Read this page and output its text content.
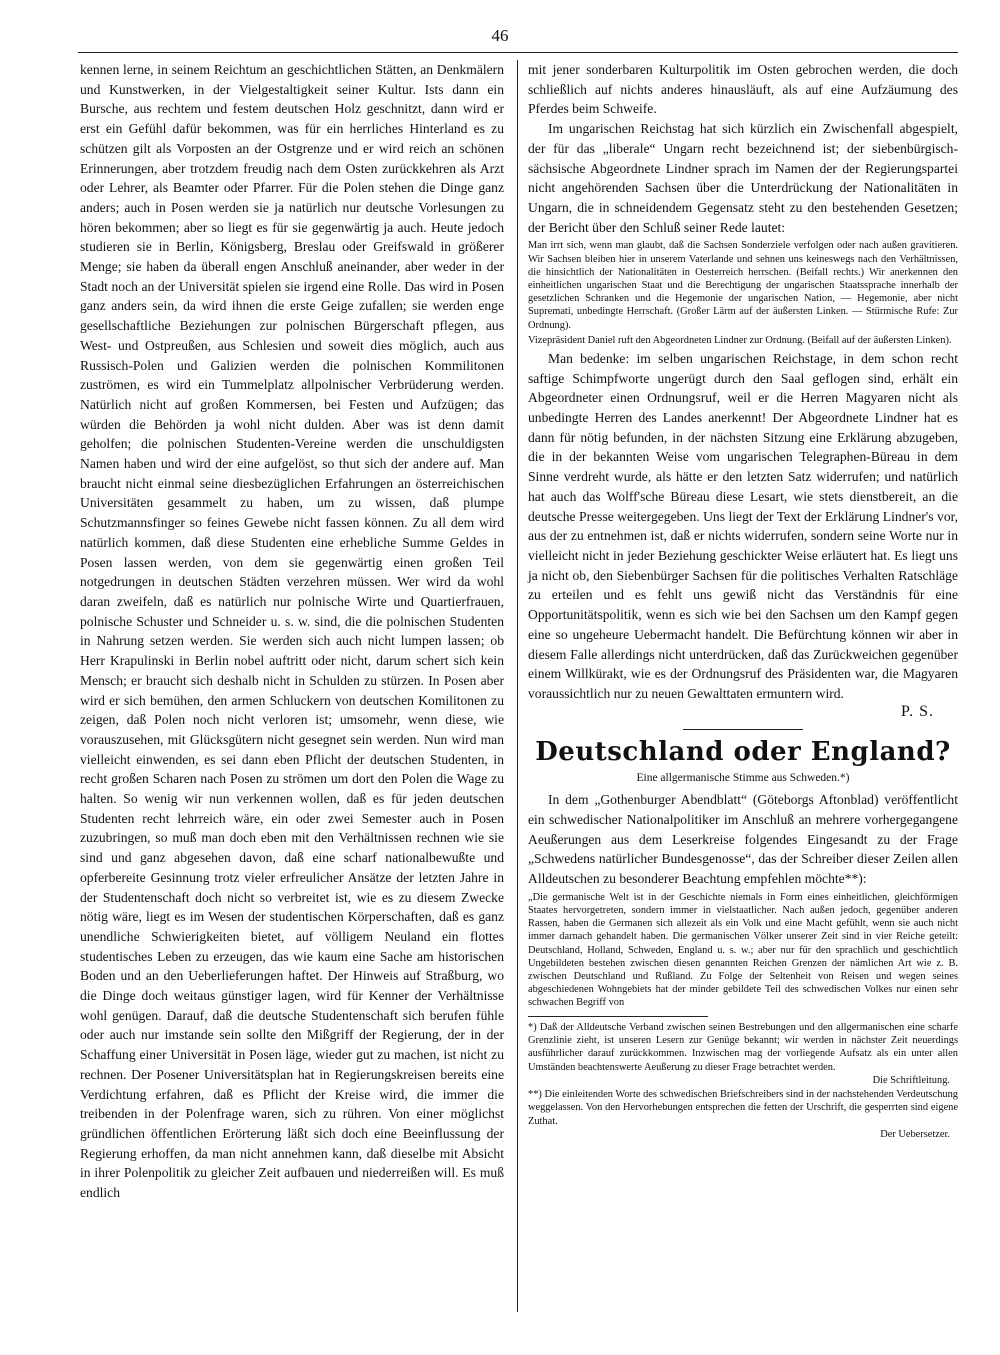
46

kennen lerne, in seinem Reichtum an geschichtlichen Stätten, an Denkmälern und Kunstwerken, in der Vielgestaltigkeit seiner Kultur. Ists dann ein Bursche, aus rechtem und festem deutschen Holz geschnitzt, dann wird er erst ein Gefühl dafür bekommen, was für ein herrliches Hinterland es zu schützen gilt als Vorposten an der Ostgrenze und er wird reich an schönen Erinnerungen, aber trotzdem freudig nach dem Osten zurückkehren als Arzt oder Lehrer, als Beamter oder Pfarrer. Für die Polen stehen die Dinge ganz anders; auch in Posen werden sie ja natürlich nur deutsche Vorlesungen zu hören bekommen; aber so liegt es für sie gegenwärtig ja auch. Heute jedoch studieren sie in Berlin, Königsberg, Breslau oder Greifswald in größerer Menge; sie haben da überall engen Anschluß aneinander, aber weder in der Stadt noch an der Universität spielen sie irgend eine Rolle. Das wird in Posen ganz anders sein, da wird ihnen die erste Geige zufallen; sie werden enge gesellschaftliche Beziehungen zur polnischen Bürgerschaft pflegen, aus West- und Ostpreußen, aus Schlesien und soweit dies möglich, auch aus Russisch-Polen und Galizien werden die polnischen Kommilitonen zuströmen, es wird ein Tummelplatz allpolnischer Verbrüderung werden. Natürlich nicht auf großen Kommersen, bei Festen und Aufzügen; das würden die Behörden ja wohl nicht dulden. Aber was ist denn damit geholfen; die polnischen Studenten-Vereine werden die unschuldigsten Namen haben und wird der eine aufgelöst, so thut sich der andere auf. Man braucht nicht einmal seine diesbezüglichen Erfahrungen an österreichischen Universitäten gesammelt zu haben, um zu wissen, daß plumpe Schutzmannsfinger so feines Gewebe nicht fassen können. Zu all dem wird natürlich kommen, daß diese Studenten eine erhebliche Summe Geldes in Posen lassen werden, von dem sie gegenwärtig einen großen Teil notgedrungen in deutschen Städten verzehren müssen. Wer wird da wohl daran zweifeln, daß es natürlich nur polnische Wirte und Quartierfrauen, polnische Schuster und Schneider u. s. w. sind, die die polnischen Studenten in Nahrung setzen werden. Sie werden sich auch nicht lumpen lassen; ob Herr Krapulinski in Berlin nobel auftritt oder nicht, darum schert sich kein Mensch; er braucht sich deshalb nicht in Schulden zu stürzen. In Posen aber wird er sich bemühen, den armen Schluckern von deutschen Komilitonen zu zeigen, daß Polen noch nicht verloren ist; umsomehr, wenn diese, wie vorauszusehen, mit Glücksgütern nicht gesegnet sein werden. Nun wird man vielleicht einwenden, es sei dann eben Pflicht der deutschen Studenten, in recht großen Scharen nach Posen zu strömen um dort den Polen die Wage zu halten. So wenig wir nun verkennen wollen, daß es für jeden deutschen Studenten recht lehrreich wäre, ein oder zwei Semester auch in Posen zuzubringen, so muß man doch eben mit den Verhältnissen rechnen wie sie sind und ganz abgesehen davon, daß eine scharf nationalbewußte und opferbereite Gesinnung trotz vieler erfreulicher Ansätze der letzten Jahre in der Studentenschaft doch nicht so verbreitet ist, wie es zu diesem Zwecke nötig wäre, liegt es im Wesen der studentischen Körperschaften, daß es ganz unendliche Schwierigkeiten bietet, auf völligem Neuland ein flottes studentisches Leben zu erzeugen, das wie kaum eine Sache am historischen Boden und an den Ueberlieferungen haftet. Der Hinweis auf Straßburg, wo die Dinge doch weitaus günstiger lagen, wird für Kenner der Verhältnisse wohl genügen. Darauf, daß die deutsche Studentenschaft sich berufen fühle oder auch nur imstande sein sollte den Mißgriff der Regierung, der in der Schaffung einer Universität in Posen läge, wieder gut zu machen, ist nicht zu rechnen. Der Posener Universitätsplan hat in Regierungskreisen bereits eine Verdichtung erfahren, daß es Pflicht der Kreise wird, die immer die treibenden in der Polenfrage waren, sich zu rühren. Von einer möglichst gründlichen öffentlichen Erörterung läßt sich doch eine Beeinflussung der Regierung erhoffen, da man nicht annehmen kann, daß dieselbe mit Absicht in ihrer Polenpolitik zu gleicher Zeit aufbauen und niederreißen will. Es muß endlich

mit jener sonderbaren Kulturpolitik im Osten gebrochen werden, die doch schließlich auf nichts anderes hinausläuft, als auf eine Aufzäumung des Pferdes beim Schweife.

Im ungarischen Reichstag hat sich kürzlich ein Zwischenfall abgespielt, der für das „liberale“ Ungarn recht bezeichnend ist; der siebenbürgisch-sächsische Abgeordnete Lindner sprach im Namen der der Regierungspartei nicht angehörenden Sachsen über die Unterdrückung der Nationalitäten in Ungarn, die in schneidendem Gegensatz steht zu den bestehenden Gesetzen; der Bericht über den Schluß seiner Rede lautet:

Man irrt sich, wenn man glaubt, daß die Sachsen Sonderziele verfolgen oder nach außen gravitieren. Wir Sachsen bleiben hier in unserem Vaterlande und sehnen uns keineswegs nach den Verhältnissen, die hinsichtlich der Nationalitäten in Oesterreich herrschen. (Beifall rechts.) Wir anerkennen den einheitlichen ungarischen Staat und die Berechtigung der ungarischen Staatssprache innerhalb der gesetzlichen Schranken und die Hegemonie der ungarischen Nation, — Hegemonie, aber nicht Supremati, unbedingte Herrschaft. (Großer Lärm auf der äußersten Linken. — Stürmische Rufe: Zur Ordnung).

Vizepräsident Daniel ruft den Abgeordneten Lindner zur Ordnung. (Beifall auf der äußersten Linken).

Man bedenke: im selben ungarischen Reichstage, in dem schon recht saftige Schimpfworte ungerügt durch den Saal geflogen sind, erhält ein Abgeordneter einen Ordnungsruf, weil er die Herren Magyaren nicht als unbedingte Herren des Landes anerkennt! Der Abgeordnete Lindner hat es dann für nötig befunden, in der nächsten Sitzung eine Erklärung abzugeben, die in der bekannten Weise vom ungarischen Telegraphen-Büreau in dem Sinne verdreht wurde, als hätte er den letzten Satz widerrufen; und natürlich hat auch das Wolff'sche Büreau diese Lesart, wie stets dienstbereit, an die deutsche Presse weitergegeben. Uns liegt der Text der Erklärung Lindner's vor, aus der zu entnehmen ist, daß er nichts widerrufen, sondern seine Worte nur in vielleicht nicht in jeder Beziehung geschickter Weise erläutert hat. Es liegt uns ja nicht ob, den Siebenbürger Sachsen für die politisches Verhalten Ratschläge zu erteilen und es fehlt uns gewiß nicht das Verständnis für eine Opportunitätspolitik, wenn es sich wie bei den Sachsen um den Kampf gegen eine so ungeheure Uebermacht handelt. Die Befürchtung können wir aber in diesem Falle allerdings nicht unterdrücken, daß das Zurückweichen gegenüber einem Willkürakt, wie es der Ordnungsruf des Präsidenten war, die Magyaren voraussichtlich nur zu neuen Gewalttaten ermuntern wird.

P. S.

Deutschland oder England?

Eine allgermanische Stimme aus Schweden.*)

In dem „Gothenburger Abendblatt“ (Göteborgs Aftonblad) veröffentlicht ein schwedischer Nationalpolitiker im Anschluß an mehrere vorhergegangene Aeußerungen aus dem Leserkreise folgendes Eingesandt zu der Frage „Schwedens natürlicher Bundesgenosse“, das der Schreiber dieser Zeilen allen Alldeutschen zu besonderer Beachtung empfehlen möchte**):

„Die germanische Welt ist in der Geschichte niemals in Form eines einheitlichen, gleichförmigen Staates hervorgetreten, sondern immer in vielstaatlicher. Nach außen jedoch, gegenüber anderen Rassen, haben die Germanen sich allezeit als ein Volk und eine Macht gefühlt, wenn sie auch nicht immer darnach gehandelt haben. Die germanischen Völker unserer Zeit sind in vier Reiche geteilt: Deutschland, Holland, Schweden, England u. s. w.; aber nur für den sprachlich und geschichtlich Ungebildeten bestehen zwischen diesen genannten Reichen Grenzen der nämlichen Art wie z. B. zwischen Deutschland und Rußland. Zu Folge der Seltenheit von Reisen und wegen seines abgeschiedenen Wohngebiets hat der minder gebildete Teil des schwedischen Volkes nur einen sehr schwachen Begriff von

*) Daß der Alldeutsche Verband zwischen seinen Bestrebungen und den allgermanischen eine scharfe Grenzlinie zieht, ist unseren Lesern zur Genüge bekannt; wir werden in nächster Zeit neuerdings ausführlicher darauf zurückkommen. Inzwischen mag der vorliegende Aufsatz als ein unter allen Umständen beachtenswerte Aeußerung zu dieser Frage betrachtet werden.

Die Schriftleitung.

**) Die einleitenden Worte des schwedischen Briefschreibers sind in der nachstehenden Verdeutschung weggelassen. Von den Hervorhebungen entsprechen die fetten der Urschrift, die gesperrten sind eigene Zuthat.

Der Uebersetzer.
